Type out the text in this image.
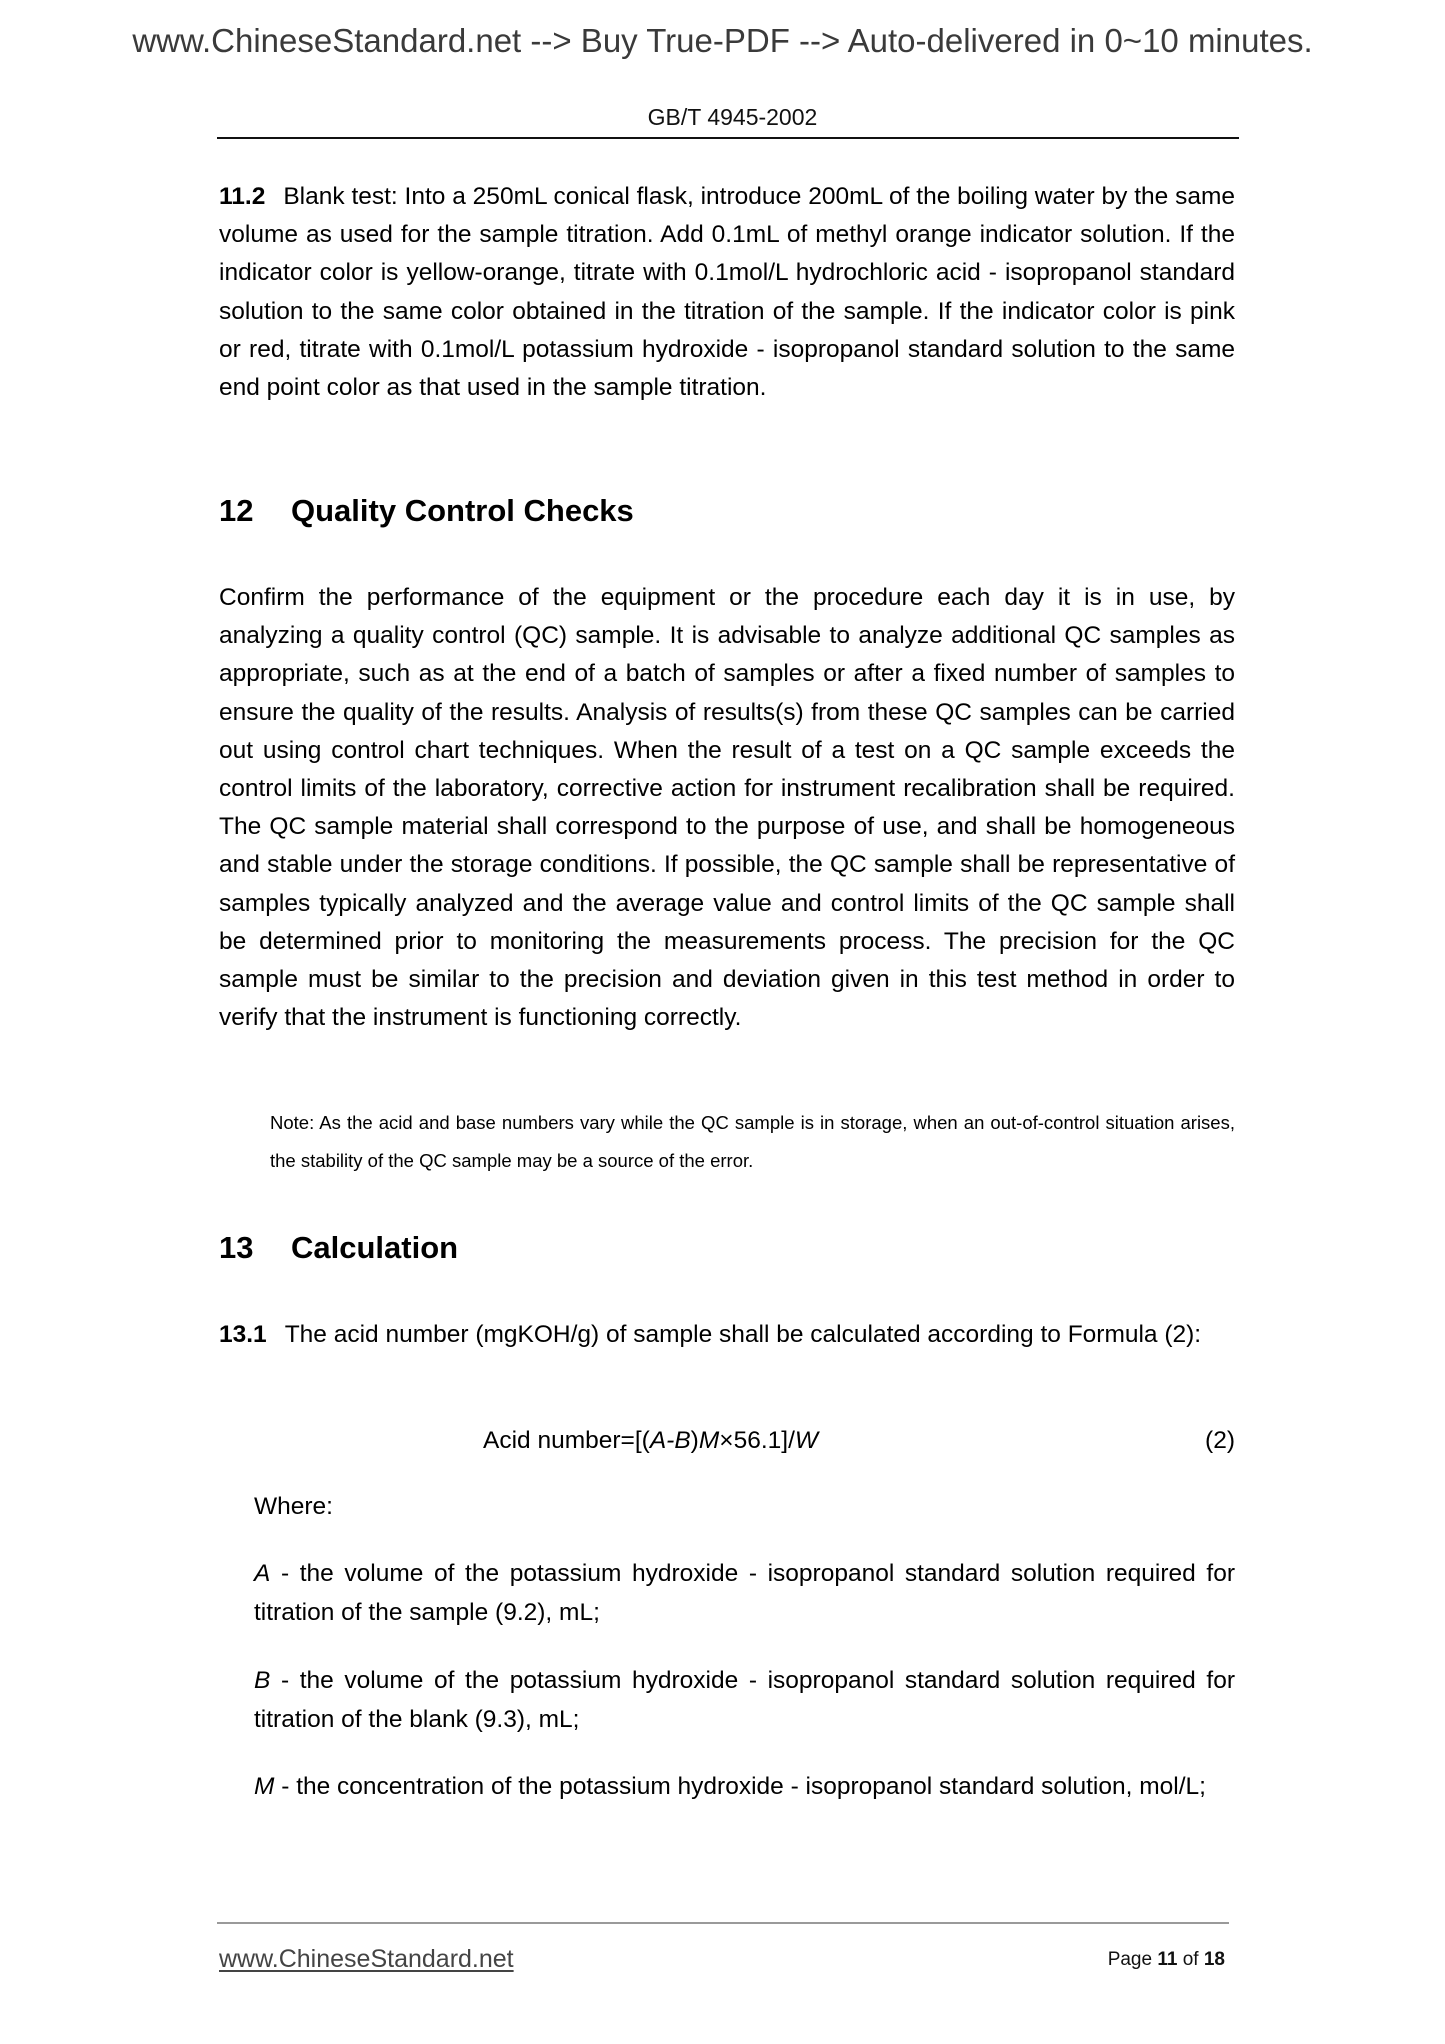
www.ChineseStandard.net --> Buy True-PDF --> Auto-delivered in 0~10 minutes.
GB/T 4945-2002
11.2 Blank test: Into a 250mL conical flask, introduce 200mL of the boiling water by the same volume as used for the sample titration. Add 0.1mL of methyl orange indicator solution. If the indicator color is yellow-orange, titrate with 0.1mol/L hydrochloric acid - isopropanol standard solution to the same color obtained in the titration of the sample. If the indicator color is pink or red, titrate with 0.1mol/L potassium hydroxide - isopropanol standard solution to the same end point color as that used in the sample titration.
12 Quality Control Checks
Confirm the performance of the equipment or the procedure each day it is in use, by analyzing a quality control (QC) sample. It is advisable to analyze additional QC samples as appropriate, such as at the end of a batch of samples or after a fixed number of samples to ensure the quality of the results. Analysis of results(s) from these QC samples can be carried out using control chart techniques. When the result of a test on a QC sample exceeds the control limits of the laboratory, corrective action for instrument recalibration shall be required. The QC sample material shall correspond to the purpose of use, and shall be homogeneous and stable under the storage conditions. If possible, the QC sample shall be representative of samples typically analyzed and the average value and control limits of the QC sample shall be determined prior to monitoring the measurements process. The precision for the QC sample must be similar to the precision and deviation given in this test method in order to verify that the instrument is functioning correctly.
Note: As the acid and base numbers vary while the QC sample is in storage, when an out-of-control situation arises, the stability of the QC sample may be a source of the error.
13 Calculation
13.1 The acid number (mgKOH/g) of sample shall be calculated according to Formula (2):
Acid number=[(A-B)M×56.1]/W	(2)
Where:
A - the volume of the potassium hydroxide - isopropanol standard solution required for titration of the sample (9.2), mL;
B - the volume of the potassium hydroxide - isopropanol standard solution required for titration of the blank (9.3), mL;
M - the concentration of the potassium hydroxide - isopropanol standard solution, mol/L;
www.ChineseStandard.net	Page 11 of 18
